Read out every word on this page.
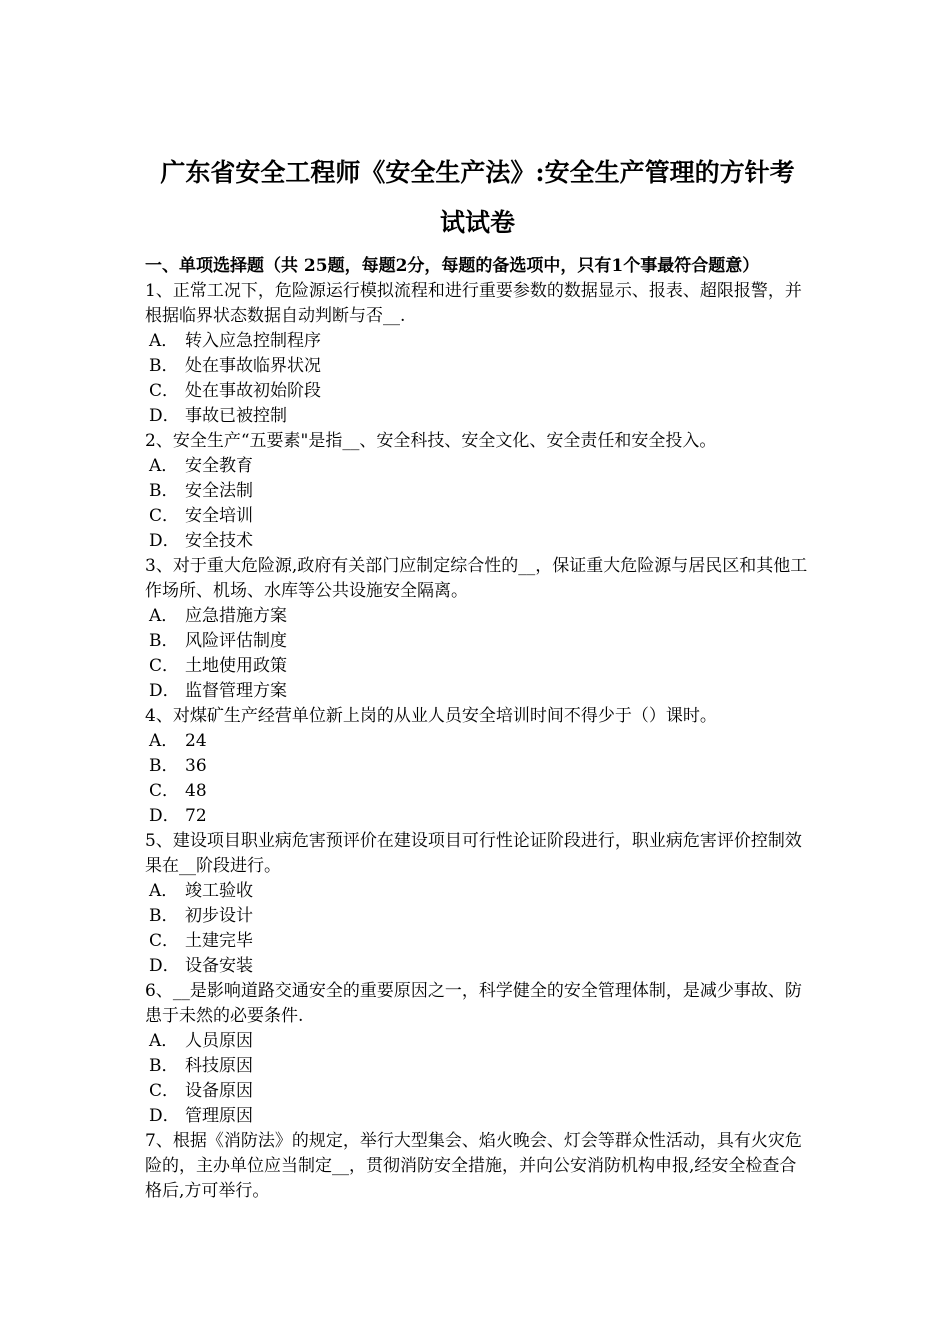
广东省安全工程师《安全生产法》:安全生产管理的方针考
试试卷

一、单项选择题（共 25题，每题2分，每题的备选项中，只有1个事最符合题意）

1、正常工况下，危险源运行模拟流程和进行重要参数的数据显示、报表、超限报警，并根据临界状态数据自动判断与否__.

A． 转入应急控制程序

B． 处在事故临界状况

C． 处在事故初始阶段

D． 事故已被控制

2、安全生产“五要素"是指__、安全科技、安全文化、安全责任和安全投入。

A． 安全教育

B． 安全法制

C． 安全培训

D． 安全技术

3、对于重大危险源,政府有关部门应制定综合性的__，保证重大危险源与居民区和其他工作场所、机场、水库等公共设施安全隔离。

A． 应急措施方案

B． 风险评估制度

C． 土地使用政策

D． 监督管理方案

4、对煤矿生产经营单位新上岗的从业人员安全培训时间不得少于（）课时。

A． 24

B． 36

C． 48

D． 72

5、建设项目职业病危害预评价在建设项目可行性论证阶段进行，职业病危害评价控制效果在__阶段进行。

A． 竣工验收

B． 初步设计

C． 土建完毕

D． 设备安装

6、__是影响道路交通安全的重要原因之一，科学健全的安全管理体制，是减少事故、防患于未然的必要条件.

A． 人员原因

B． 科技原因

C． 设备原因

D． 管理原因

7、根据《消防法》的规定，举行大型集会、焰火晚会、灯会等群众性活动，具有火灾危险的，主办单位应当制定__，贯彻消防安全措施，并向公安消防机构申报,经安全检查合格后,方可举行。
